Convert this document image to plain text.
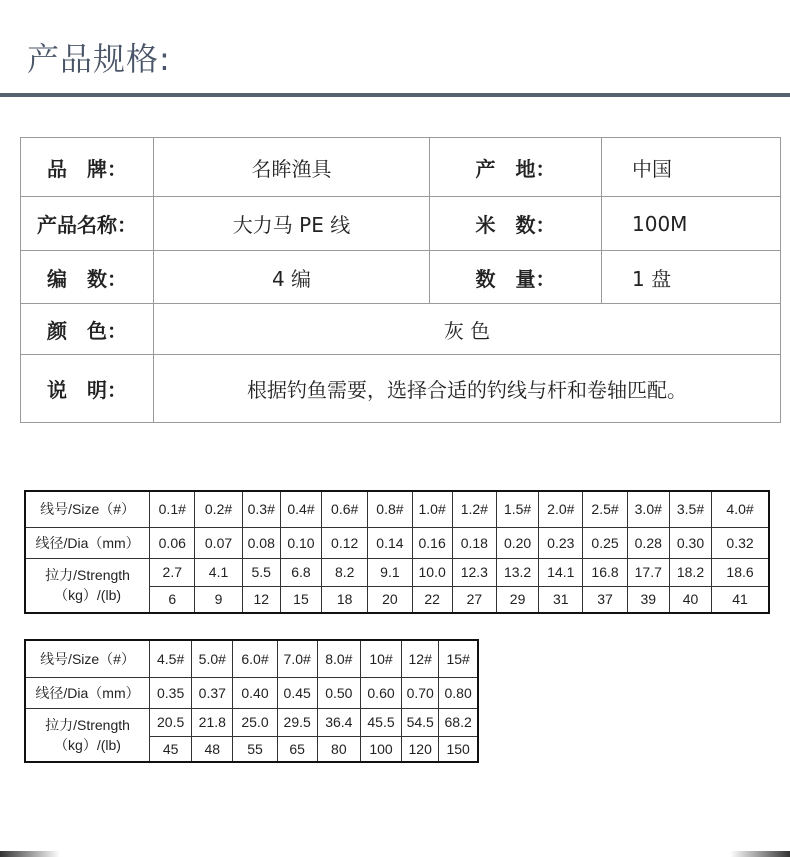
产品规格:
品　牌：	名眸渔具	产　地：	中国
产品名称：	大力马 PE 线	米　数：	100M
编　数：	4 编	数　量：	1 盘
颜　色：	灰 色		
说　明：	根据钓鱼需要，选择合适的钓线与杆和卷轴匹配。		
线号/Size（#）	0.1#	0.2#	0.3#	0.4#	0.6#	0.8#	1.0#	1.2#	1.5#	2.0#	2.5#	3.0#	3.5#	4.0#
线径/Dia（mm）	0.06	0.07	0.08	0.10	0.12	0.14	0.16	0.18	0.20	0.23	0.25	0.28	0.30	0.32

拉力/Strength
（kg）/(lb)	2.7	4.1	5.5	6.8	8.2	9.1	10.0	12.3	13.2	14.1	16.8	17.7	18.2	18.6
	6	9	12	15	18	20	22	27	29	31	37	39	40	41
线号/Size（#）	4.5#	5.0#	6.0#	7.0#	8.0#	10#	12#	15#
线径/Dia（mm）	0.35	0.37	0.40	0.45	0.50	0.60	0.70	0.80

拉力/Strength
（kg）/(lb)	20.5	21.8	25.0	29.5	36.4	45.5	54.5	68.2
	45	48	55	65	80	100	120	150
